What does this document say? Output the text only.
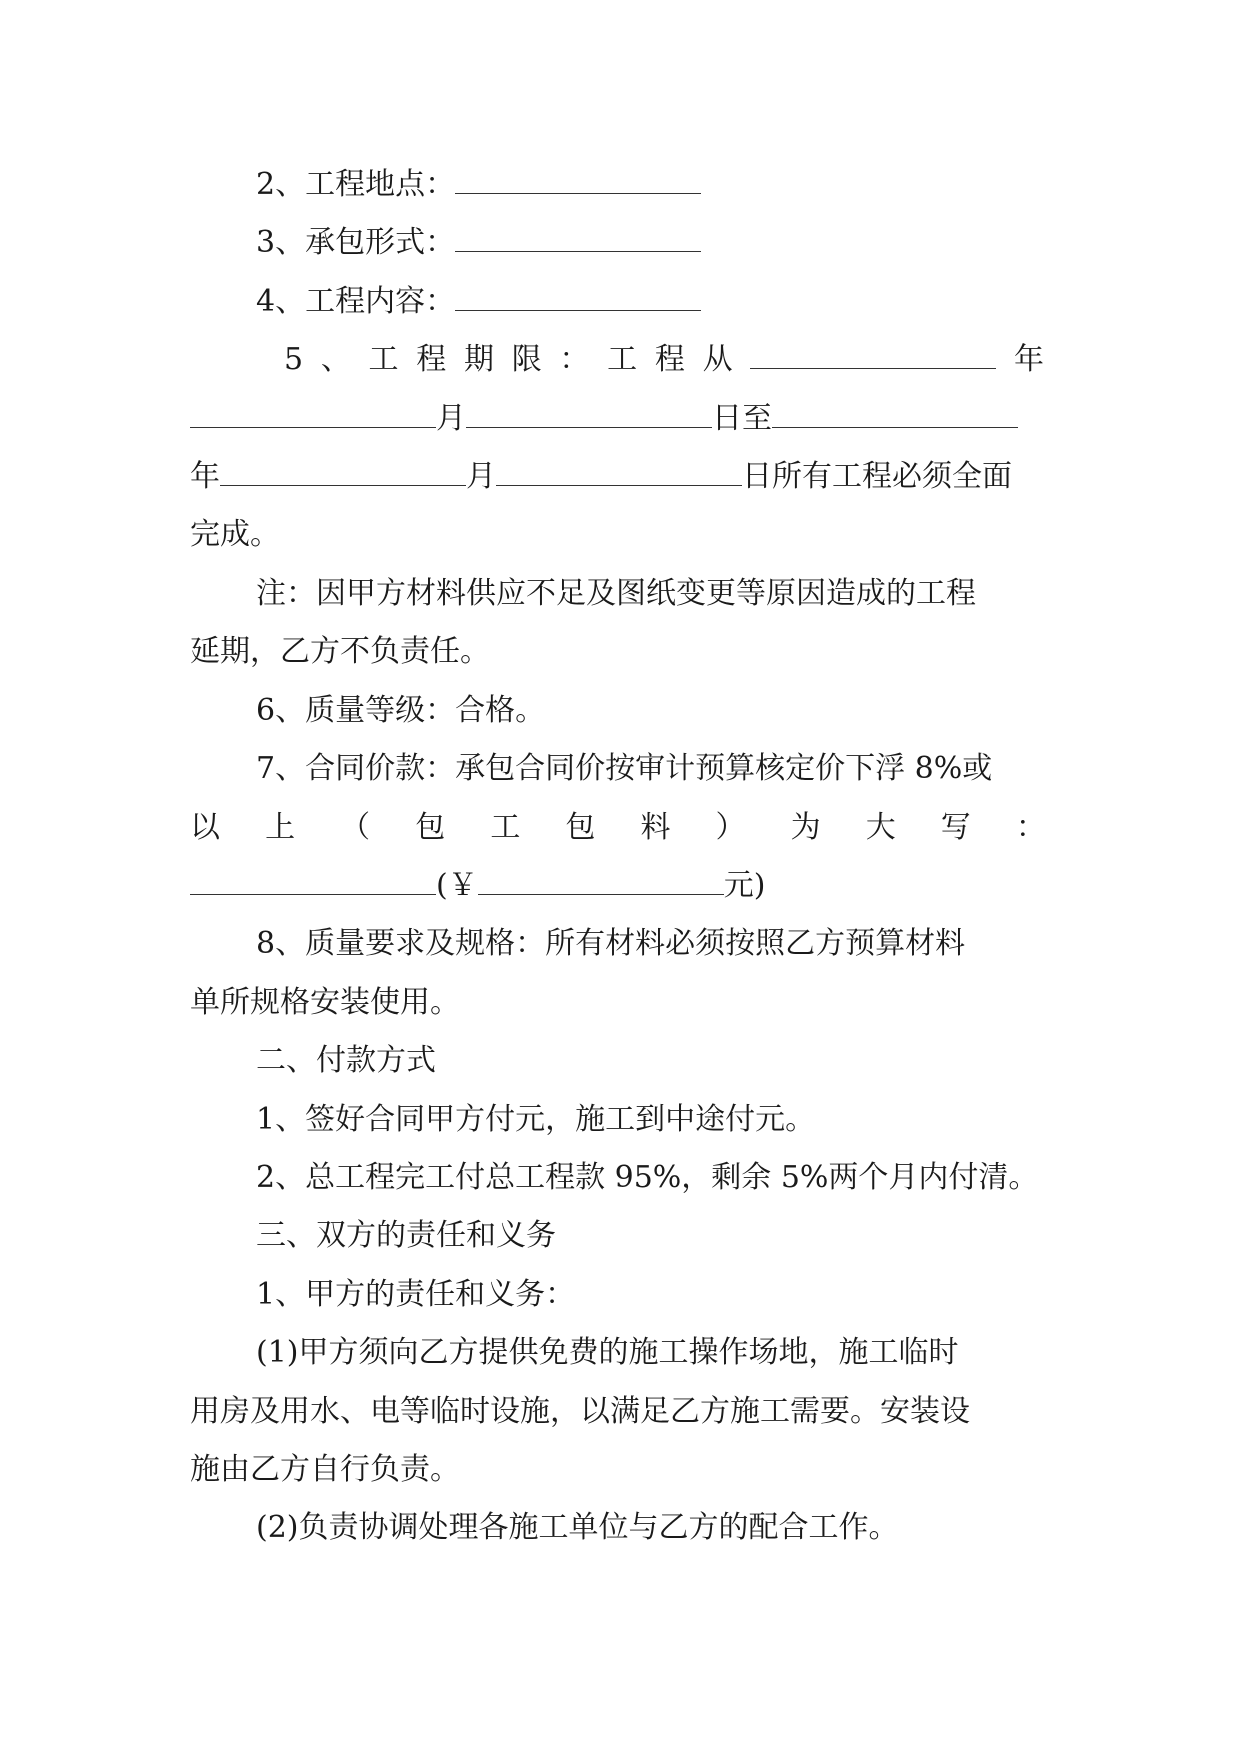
2、工程地点：
3、承包形式：
4、工程内容：
5 、 工 程 期 限 ： 工 程 从	年
月	日至
年	月	日所有工程必须全面
完成。
注：因甲方材料供应不足及图纸变更等原因造成的工程
延期，乙方不负责任。
6、质量等级：合格。
7、合同价款：承包合同价按审计预算核定价下浮 8%或
以 上 （ 包 工 包 料 ） 为 大 写 ：
(￥	元)
8、质量要求及规格：所有材料必须按照乙方预算材料
单所规格安装使用。
二、付款方式
1、签好合同甲方付元，施工到中途付元。
2、总工程完工付总工程款 95%，剩余 5%两个月内付清。
三、双方的责任和义务
1、甲方的责任和义务：
(1)甲方须向乙方提供免费的施工操作场地，施工临时
用房及用水、电等临时设施，以满足乙方施工需要。安装设
施由乙方自行负责。
(2)负责协调处理各施工单位与乙方的配合工作。
